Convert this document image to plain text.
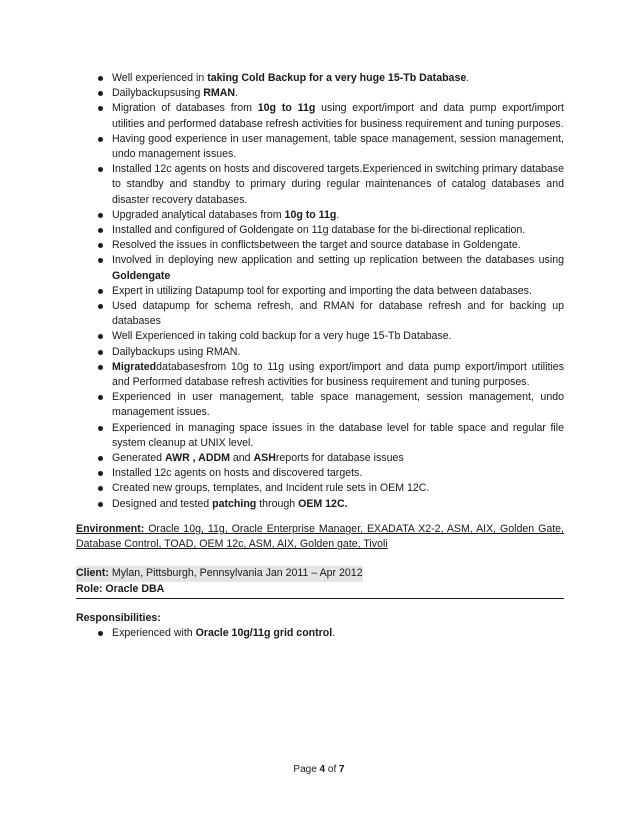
Well experienced in taking Cold Backup for a very huge 15-Tb Database.
Dailybackupsusing RMAN.
Migration of databases from 10g to 11g using export/import and data pump export/import utilities and performed database refresh activities for business requirement and tuning purposes.
Having good experience in user management, table space management, session management, undo management issues.
Installed 12c agents on hosts and discovered targets.Experienced in switching primary database to standby and standby to primary during regular maintenances of catalog databases and disaster recovery databases.
Upgraded analytical databases from 10g to 11g.
Installed and configured of Goldengate on 11g database for the bi-directional replication.
Resolved the issues in conflictsbetween the target and source database in Goldengate.
Involved in deploying new application and setting up replication between the databases using Goldengate
Expert in utilizing Datapump tool for exporting and importing the data between databases.
Used datapump for schema refresh, and RMAN for database refresh and for backing up databases
Well Experienced in taking cold backup for a very huge 15-Tb Database.
Dailybackups using RMAN.
Migrateddatabasesfrom 10g to 11g using export/import and data pump export/import utilities and Performed database refresh activities for business requirement and tuning purposes.
Experienced in user management, table space management, session management, undo management issues.
Experienced in managing space issues in the database level for table space and regular file system cleanup at UNIX level.
Generated AWR , ADDM and ASHreports for database issues
Installed 12c agents on hosts and discovered targets.
Created new groups, templates, and Incident rule sets in OEM 12C.
Designed and tested patching through OEM 12C.
Environment: Oracle 10g, 11g, Oracle Enterprise Manager, EXADATA X2-2, ASM, AIX, Golden Gate, Database Control, TOAD, OEM 12c, ASM, AIX, Golden gate, Tivoli
Client: Mylan, Pittsburgh, Pennsylvania Jan 2011 – Apr 2012
Role: Oracle DBA
Responsibilities:
Experienced with Oracle 10g/11g grid control.
Page 4 of 7
